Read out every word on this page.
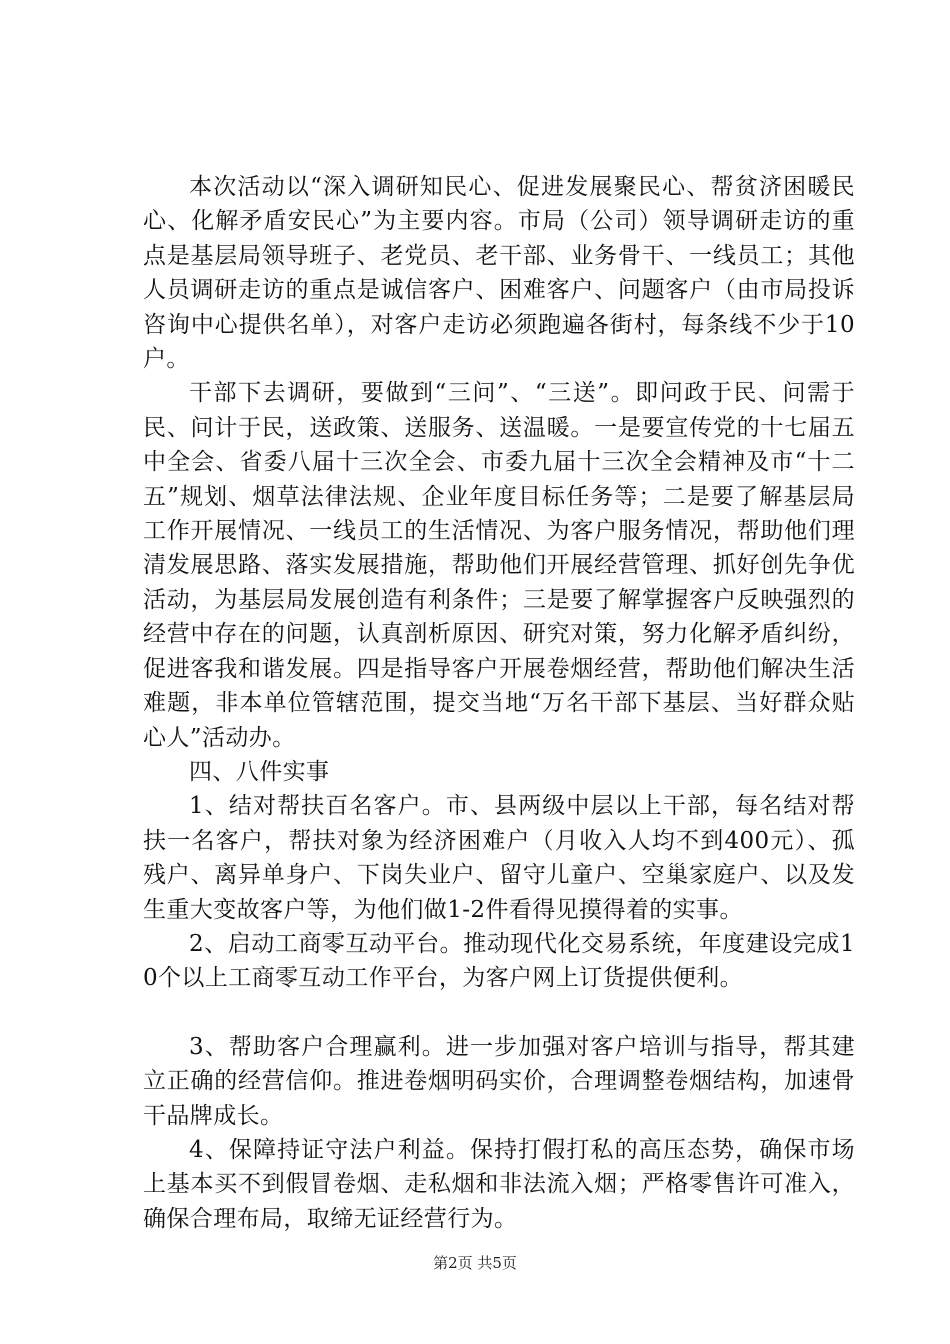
本次活动以“深入调研知民心、促进发展聚民心、帮贫济困暖民心、化解矛盾安民心”为主要内容。市局（公司）领导调研走访的重点是基层局领导班子、老党员、老干部、业务骨干、一线员工；其他人员调研走访的重点是诚信客户、困难客户、问题客户（由市局投诉咨询中心提供名单），对客户走访必须跑遍各街村，每条线不少于10户。

干部下去调研，要做到“三问”、“三送”。即问政于民、问需于民、问计于民，送政策、送服务、送温暖。一是要宣传党的十七届五中全会、省委八届十三次全会、市委九届十三次全会精神及市“十二五”规划、烟草法律法规、企业年度目标任务等；二是要了解基层局工作开展情况、一线员工的生活情况、为客户服务情况，帮助他们理清发展思路、落实发展措施，帮助他们开展经营管理、抓好创先争优活动，为基层局发展创造有利条件；三是要了解掌握客户反映强烈的经营中存在的问题，认真剖析原因、研究对策，努力化解矛盾纠纷，促进客我和谐发展。四是指导客户开展卷烟经营，帮助他们解决生活难题，非本单位管辖范围，提交当地“万名干部下基层、当好群众贴心人”活动办。

四、八件实事

1、结对帮扶百名客户。市、县两级中层以上干部，每名结对帮扶一名客户，帮扶对象为经济困难户（月收入人均不到400元）、孤残户、离异单身户、下岗失业户、留守儿童户、空巢家庭户、以及发生重大变故客户等，为他们做1-2件看得见摸得着的实事。

2、启动工商零互动平台。推动现代化交易系统，年度建设完成10个以上工商零互动工作平台，为客户网上订货提供便利。

3、帮助客户合理赢利。进一步加强对客户培训与指导，帮其建立正确的经营信仰。推进卷烟明码实价，合理调整卷烟结构，加速骨干品牌成长。

4、保障持证守法户利益。保持打假打私的高压态势，确保市场上基本买不到假冒卷烟、走私烟和非法流入烟；严格零售许可准入，确保合理布局，取缔无证经营行为。

第2页 共5页
